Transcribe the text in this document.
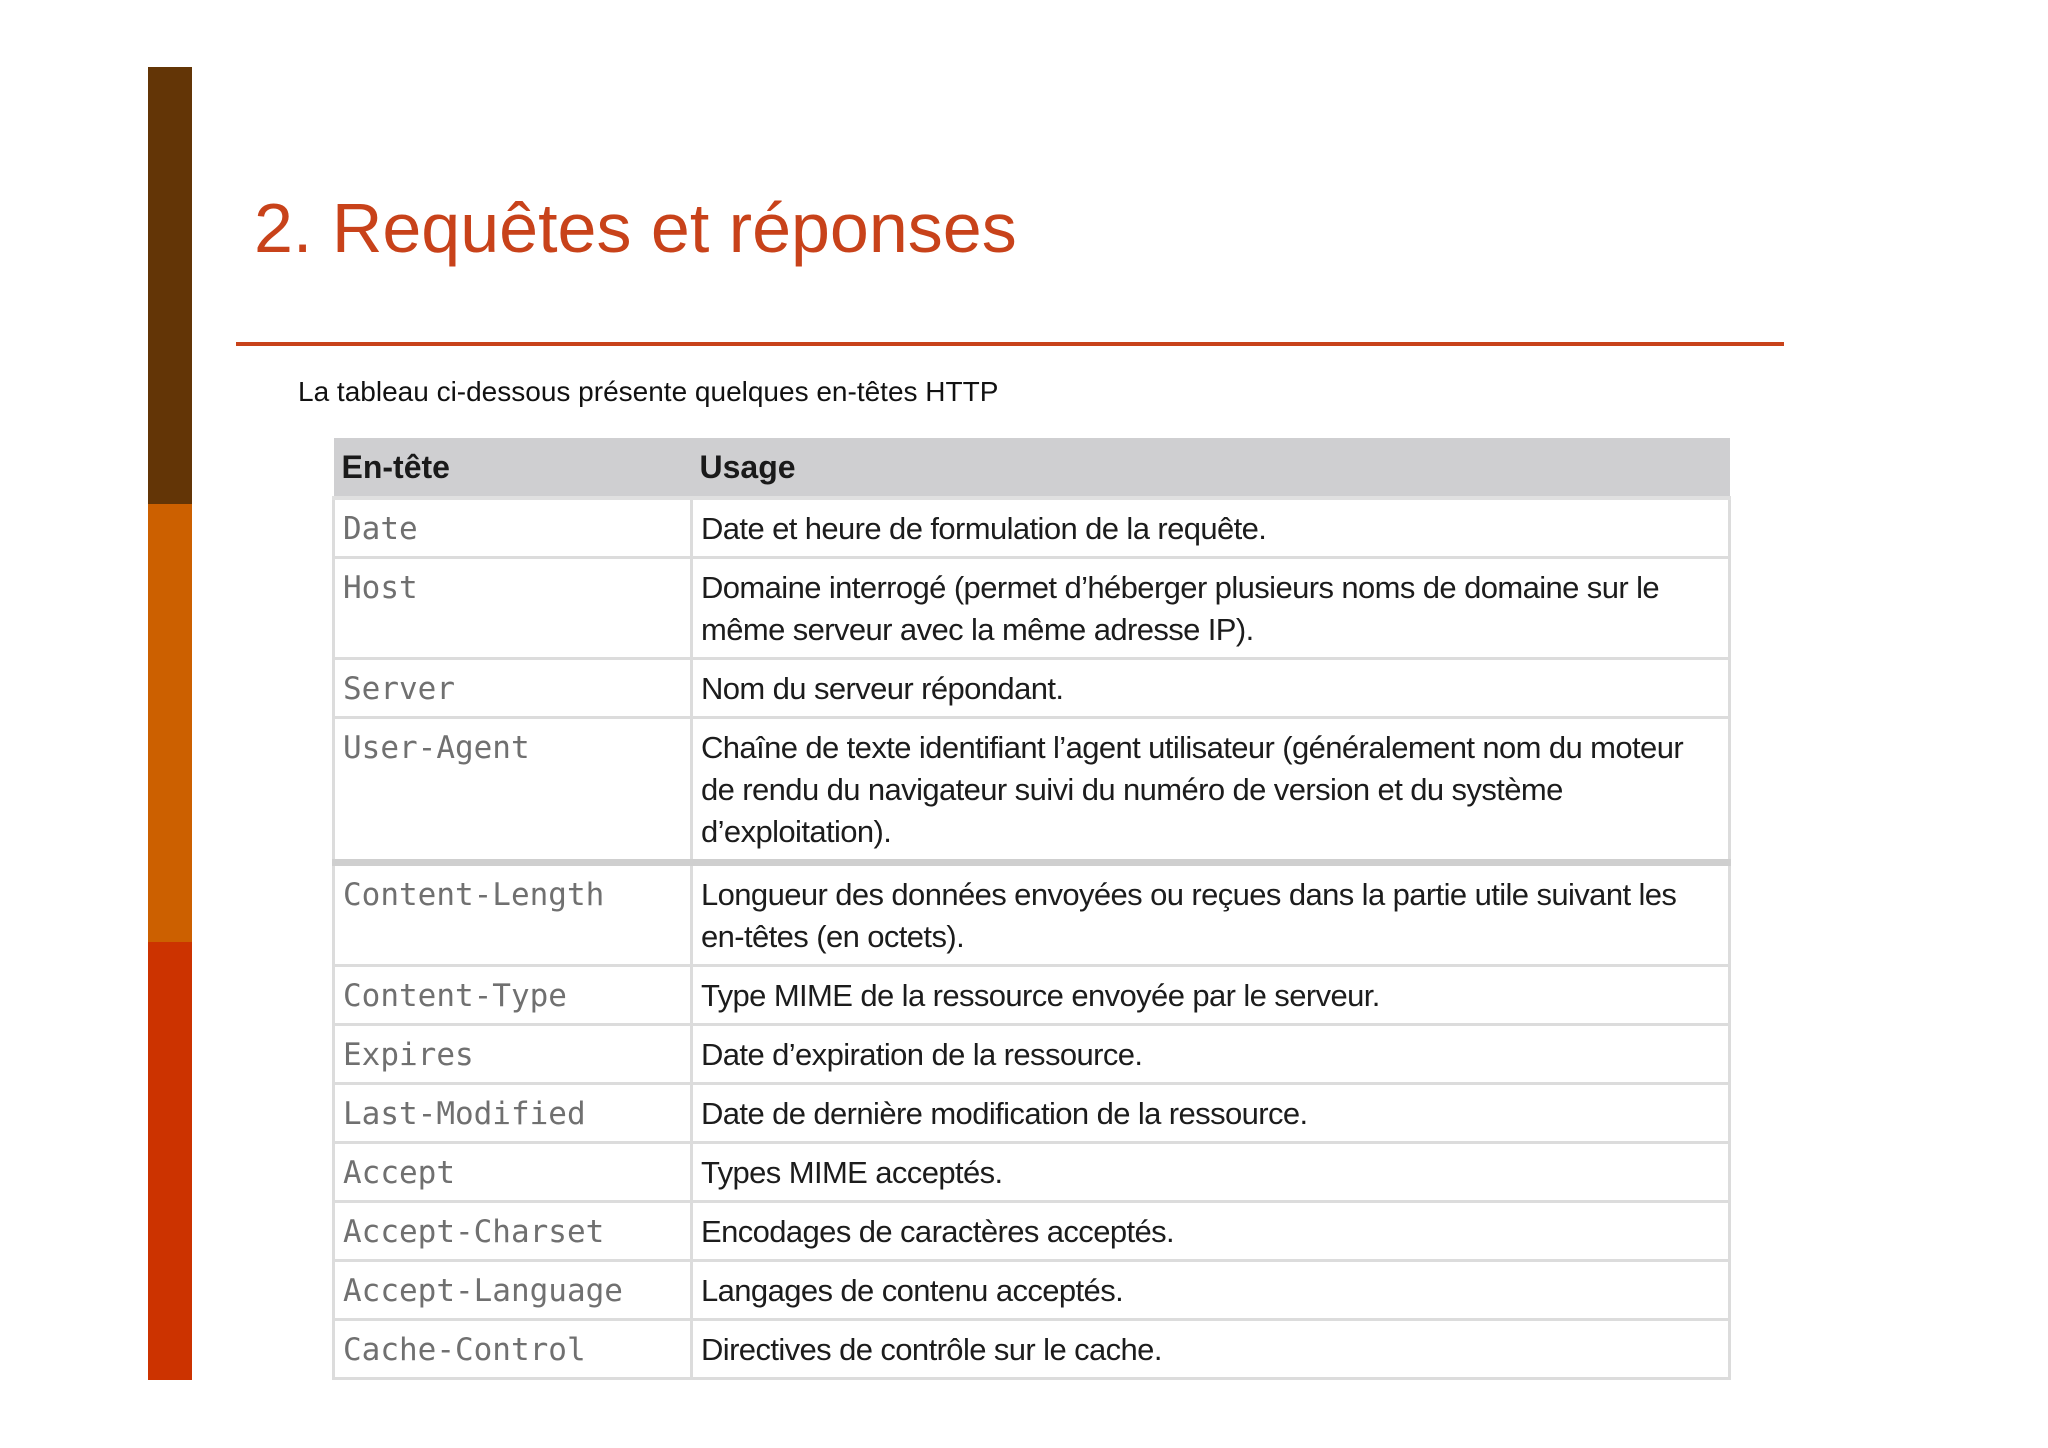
2. Requêtes et réponses

La tableau ci-dessous présente quelques en-têtes HTTP

En-tête	Usage
Date	Date et heure de formulation de la requête.
Host	Domaine interrogé (permet d’héberger plusieurs noms de domaine sur le même serveur avec la même adresse IP).
Server	Nom du serveur répondant.
User-Agent	Chaîne de texte identifiant l’agent utilisateur (généralement nom du moteur de rendu du navigateur suivi du numéro de version et du système d’exploitation).
Content-Length	Longueur des données envoyées ou reçues dans la partie utile suivant les en-têtes (en octets).
Content-Type	Type MIME de la ressource envoyée par le serveur.
Expires	Date d’expiration de la ressource.
Last-Modified	Date de dernière modification de la ressource.
Accept	Types MIME acceptés.
Accept-Charset	Encodages de caractères acceptés.
Accept-Language	Langages de contenu acceptés.
Cache-Control	Directives de contrôle sur le cache.
